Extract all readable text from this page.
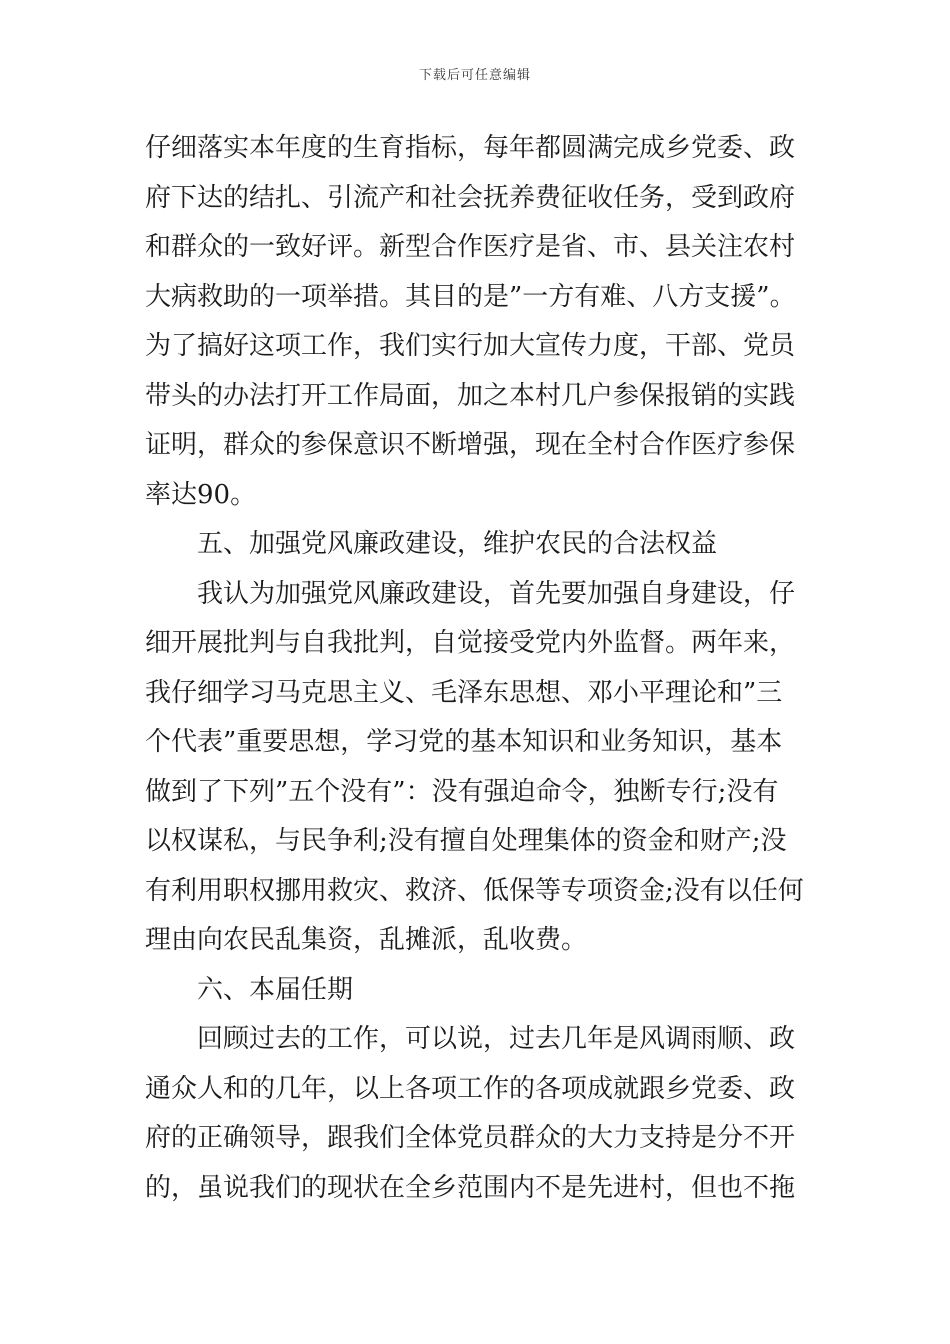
下载后可任意编辑
仔细落实本年度的生育指标，每年都圆满完成乡党委、政
府下达的结扎、引流产和社会抚养费征收任务，受到政府
和群众的一致好评。新型合作医疗是省、市、县关注农村
大病救助的一项举措。其目的是”一方有难、八方支援”。
为了搞好这项工作，我们实行加大宣传力度，干部、党员
带头的办法打开工作局面，加之本村几户参保报销的实践
证明，群众的参保意识不断增强，现在全村合作医疗参保
率达90。
五、加强党风廉政建设，维护农民的合法权益
我认为加强党风廉政建设，首先要加强自身建设，仔
细开展批判与自我批判，自觉接受党内外监督。两年来，
我仔细学习马克思主义、毛泽东思想、邓小平理论和”三
个代表”重要思想，学习党的基本知识和业务知识，基本
做到了下列”五个没有”：没有强迫命令，独断专行;没有
以权谋私，与民争利;没有擅自处理集体的资金和财产;没
有利用职权挪用救灾、救济、低保等专项资金;没有以任何
理由向农民乱集资，乱摊派，乱收费。
六、本届任期
回顾过去的工作，可以说，过去几年是风调雨顺、政
通众人和的几年，以上各项工作的各项成就跟乡党委、政
府的正确领导，跟我们全体党员群众的大力支持是分不开
的，虽说我们的现状在全乡范围内不是先进村，但也不拖
